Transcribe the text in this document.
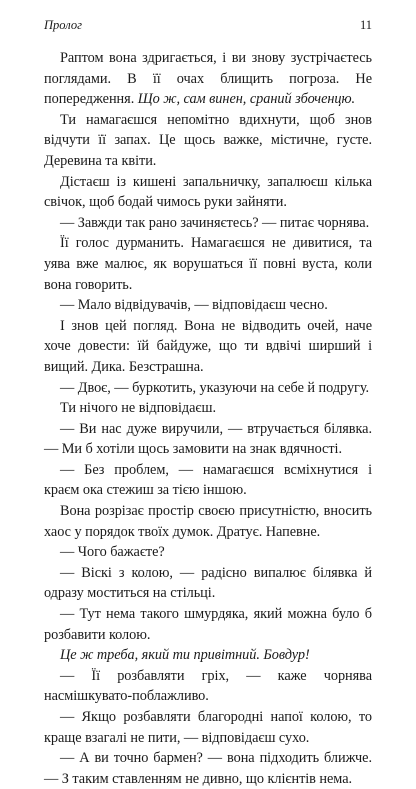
Пролог	11

Раптом вона здригається, і ви знову зустрічаєтесь поглядами. В її очах блищить погроза. Не попередження. Що ж, сам винен, сраний збоченцю.

Ти намагаєшся непомітно вдихнути, щоб знов відчути її запах. Це щось важке, містичне, густе. Деревина та квіти.

Дістаєш із кишені запальничку, запалюєш кілька свічок, щоб бодай чимось руки зайняти.

— Завжди так рано зачиняєтесь? — питає чорнява.

Її голос дурманить. Намагаєшся не дивитися, та уява вже малює, як ворушаться її повні вуста, коли вона говорить.

— Мало відвідувачів, — відповідаєш чесно.

І знов цей погляд. Вона не відводить очей, наче хоче довести: їй байдуже, що ти вдвічі ширший і вищий. Дика. Безстрашна.

— Двоє, — буркотить, указуючи на себе й подругу.

Ти нічого не відповідаєш.

— Ви нас дуже виручили, — втручається білявка. — Ми б хотіли щось замовити на знак вдячності.

— Без проблем, — намагаєшся всміхнутися і краєм ока стежиш за тією іншою.

Вона розрізає простір своєю присутністю, вносить хаос у порядок твоїх думок. Дратує. Напевне.

— Чого бажаєте?

— Віскі з колою, — радісно випалює білявка й одразу моститься на стільці.

— Тут нема такого шмурдяка, який можна було б розбавити колою.

Це ж треба, який ти привітний. Бовдур!

— Її розбавляти гріх, — каже чорнява насмішкувато-поблажливо.

— Якщо розбавляти благородні напої колою, то краще взагалі не пити, — відповідаєш сухо.

— А ви точно бармен? — вона підходить ближче. — З таким ставленням не дивно, що клієнтів нема.
